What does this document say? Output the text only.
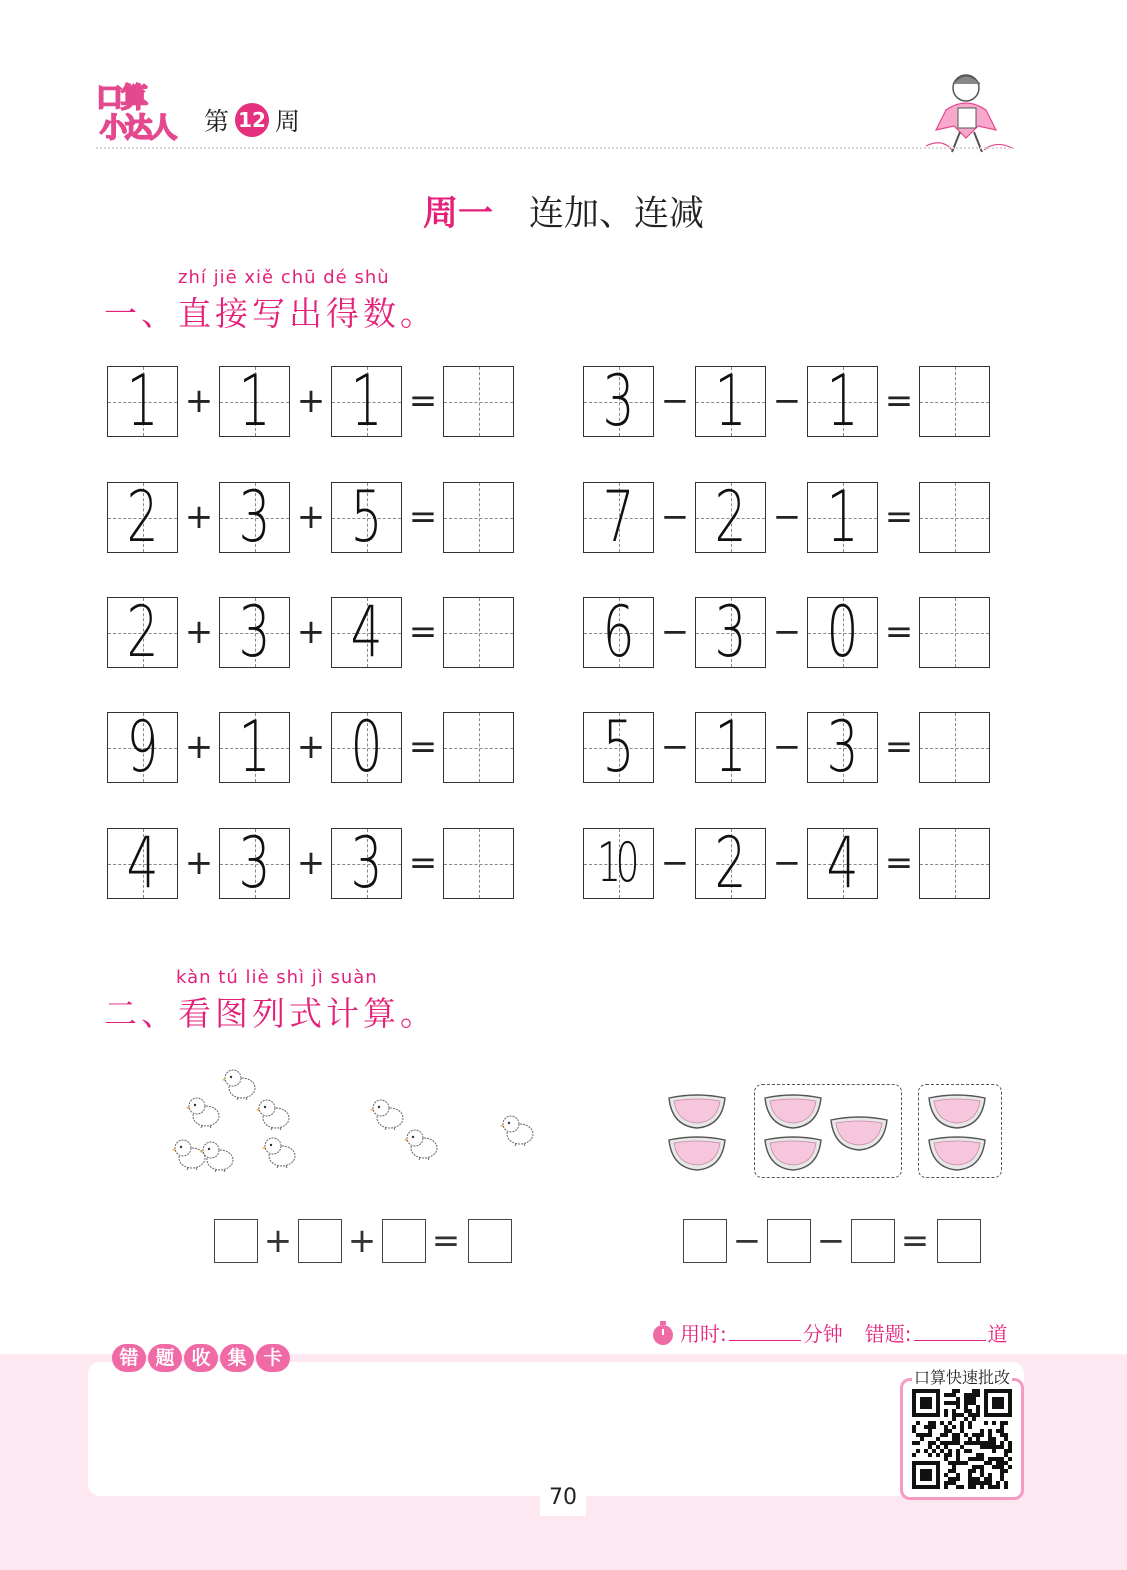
口算
小达人 第 12 周
周一 连加、连减
zhí jiē xiě chū dé shù
一、直接写出得数。
1 + 1 + 1 =
2 + 3 + 5 =
2 + 3 + 4 =
9 + 1 + 0 =
4 + 3 + 3 =
3 − 1 − 1 =
7 − 2 − 1 =
6 − 3 − 0 =
5 − 1 − 3 =
10 − 2 − 4 =
kàn tú liè shì jì suàn
二、看图列式计算。
+ + =	− − =
用时:	分钟 错题:	道
错 题 收 集 卡
口算快速批改
70
